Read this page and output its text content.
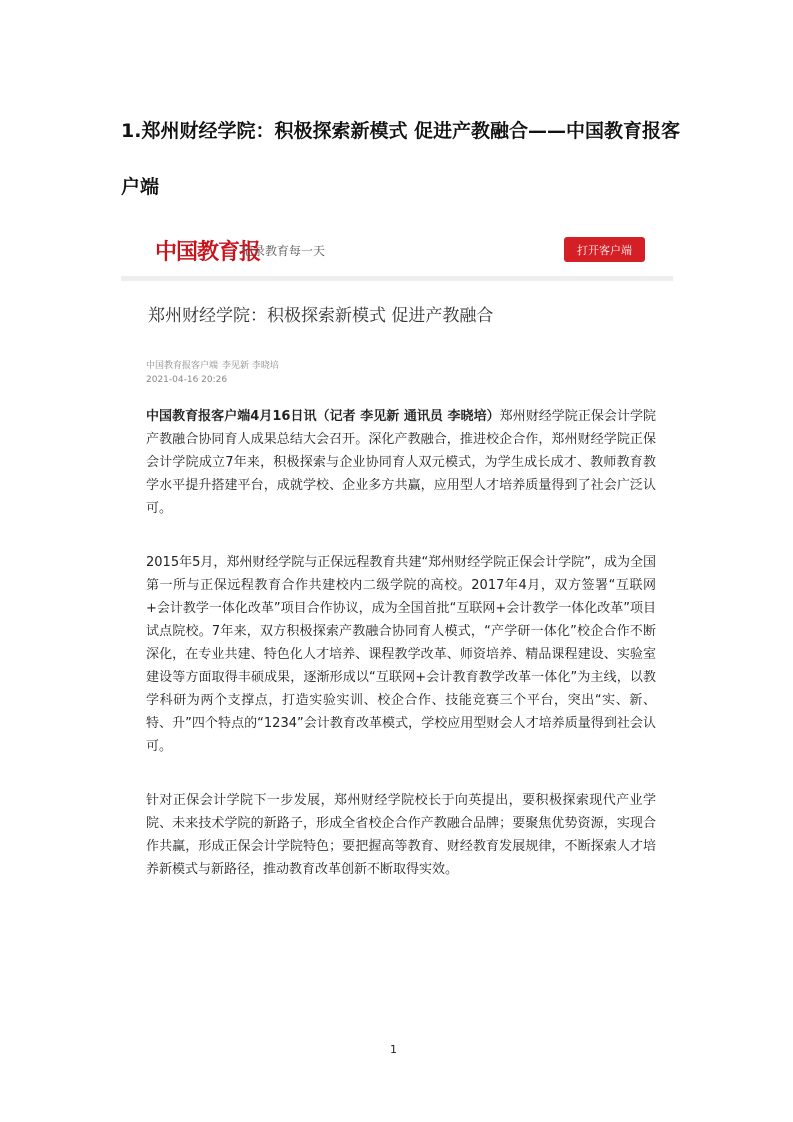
1.郑州财经学院：积极探索新模式 促进产教融合——中国教育报客户端
中国教育报
记录教育每一天	打开客户端
郑州财经学院：积极探索新模式 促进产教融合
中国教育报客户端 李见新 李晓培
2021-04-16 20:26

中国教育报客户端4月16日讯（记者 李见新 通讯员 李晓培）郑州财经学院正保会计学院产教融合协同育人成果总结大会召开。深化产教融合，推进校企合作，郑州财经学院正保会计学院成立7年来，积极探索与企业协同育人双元模式，为学生成长成才、教师教育教学水平提升搭建平台，成就学校、企业多方共赢，应用型人才培养质量得到了社会广泛认可。

2015年5月，郑州财经学院与正保远程教育共建“郑州财经学院正保会计学院”，成为全国第一所与正保远程教育合作共建校内二级学院的高校。2017年4月，双方签署“互联网+会计教学一体化改革”项目合作协议，成为全国首批“互联网+会计教学一体化改革”项目试点院校。7年来，双方积极探索产教融合协同育人模式，“产学研一体化”校企合作不断深化，在专业共建、特色化人才培养、课程教学改革、师资培养、精品课程建设、实验室建设等方面取得丰硕成果，逐渐形成以“互联网+会计教育教学改革一体化”为主线，以教学科研为两个支撑点，打造实验实训、校企合作、技能竞赛三个平台，突出“实、新、特、升”四个特点的“1234”会计教育改革模式，学校应用型财会人才培养质量得到社会认可。

针对正保会计学院下一步发展，郑州财经学院校长于向英提出，要积极探索现代产业学院、未来技术学院的新路子，形成全省校企合作产教融合品牌；要聚焦优势资源，实现合作共赢，形成正保会计学院特色；要把握高等教育、财经教育发展规律，不断探索人才培养新模式与新路径，推动教育改革创新不断取得实效。

1
